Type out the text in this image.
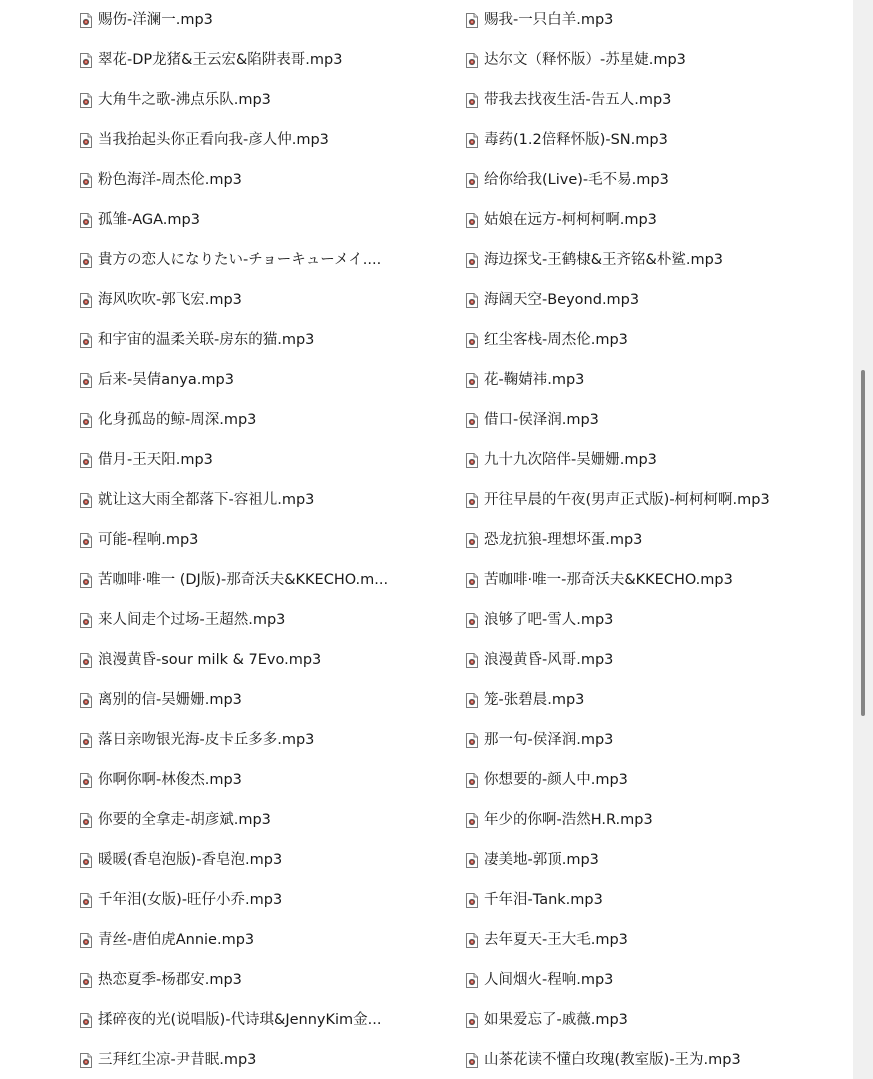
赐伤-洋澜一.mp3	赐我-一只白羊.mp3
翠花-DP龙猪&王云宏&陷阱表哥.mp3	达尔文（释怀版）-苏星婕.mp3
大角牛之歌-沸点乐队.mp3	带我去找夜生活-告五人.mp3
当我抬起头你正看向我-彦人仲.mp3	毒药(1.2倍释怀版)-SN.mp3
粉色海洋-周杰伦.mp3	给你给我(Live)-毛不易.mp3
孤雏-AGA.mp3	姑娘在远方-柯柯柯啊.mp3
貴方の恋人になりたい-チョーキューメイ....	海边探戈-王鹤棣&王齐铭&朴鲨.mp3
海风吹吹-郭飞宏.mp3	海阔天空-Beyond.mp3
和宇宙的温柔关联-房东的猫.mp3	红尘客栈-周杰伦.mp3
后来-吴倩anya.mp3	花-鞠婧祎.mp3
化身孤岛的鲸-周深.mp3	借口-侯泽润.mp3
借月-王天阳.mp3	九十九次陪伴-吴姗姗.mp3
就让这大雨全都落下-容祖儿.mp3	开往早晨的午夜(男声正式版)-柯柯柯啊.mp3
可能-程响.mp3	恐龙抗狼-理想坏蛋.mp3
苦咖啡·唯一 (DJ版)-那奇沃夫&KKECHO.m...	苦咖啡·唯一-那奇沃夫&KKECHO.mp3
来人间走个过场-王超然.mp3	浪够了吧-雪人.mp3
浪漫黄昏-sour milk & 7Evo.mp3	浪漫黄昏-风哥.mp3
离别的信-吴姗姗.mp3	笼-张碧晨.mp3
落日亲吻银光海-皮卡丘多多.mp3	那一句-侯泽润.mp3
你啊你啊-林俊杰.mp3	你想要的-颜人中.mp3
你要的全拿走-胡彦斌.mp3	年少的你啊-浩然H.R.mp3
暖暖(香皂泡版)-香皂泡.mp3	凄美地-郭顶.mp3
千年泪(女版)-旺仔小乔.mp3	千年泪-Tank.mp3
青丝-唐伯虎Annie.mp3	去年夏天-王大毛.mp3
热恋夏季-杨郡安.mp3	人间烟火-程响.mp3
揉碎夜的光(说唱版)-代诗琪&JennyKim金...	如果爱忘了-戚薇.mp3
三拜红尘凉-尹昔眠.mp3	山茶花读不懂白玫瑰(教室版)-王为.mp3
